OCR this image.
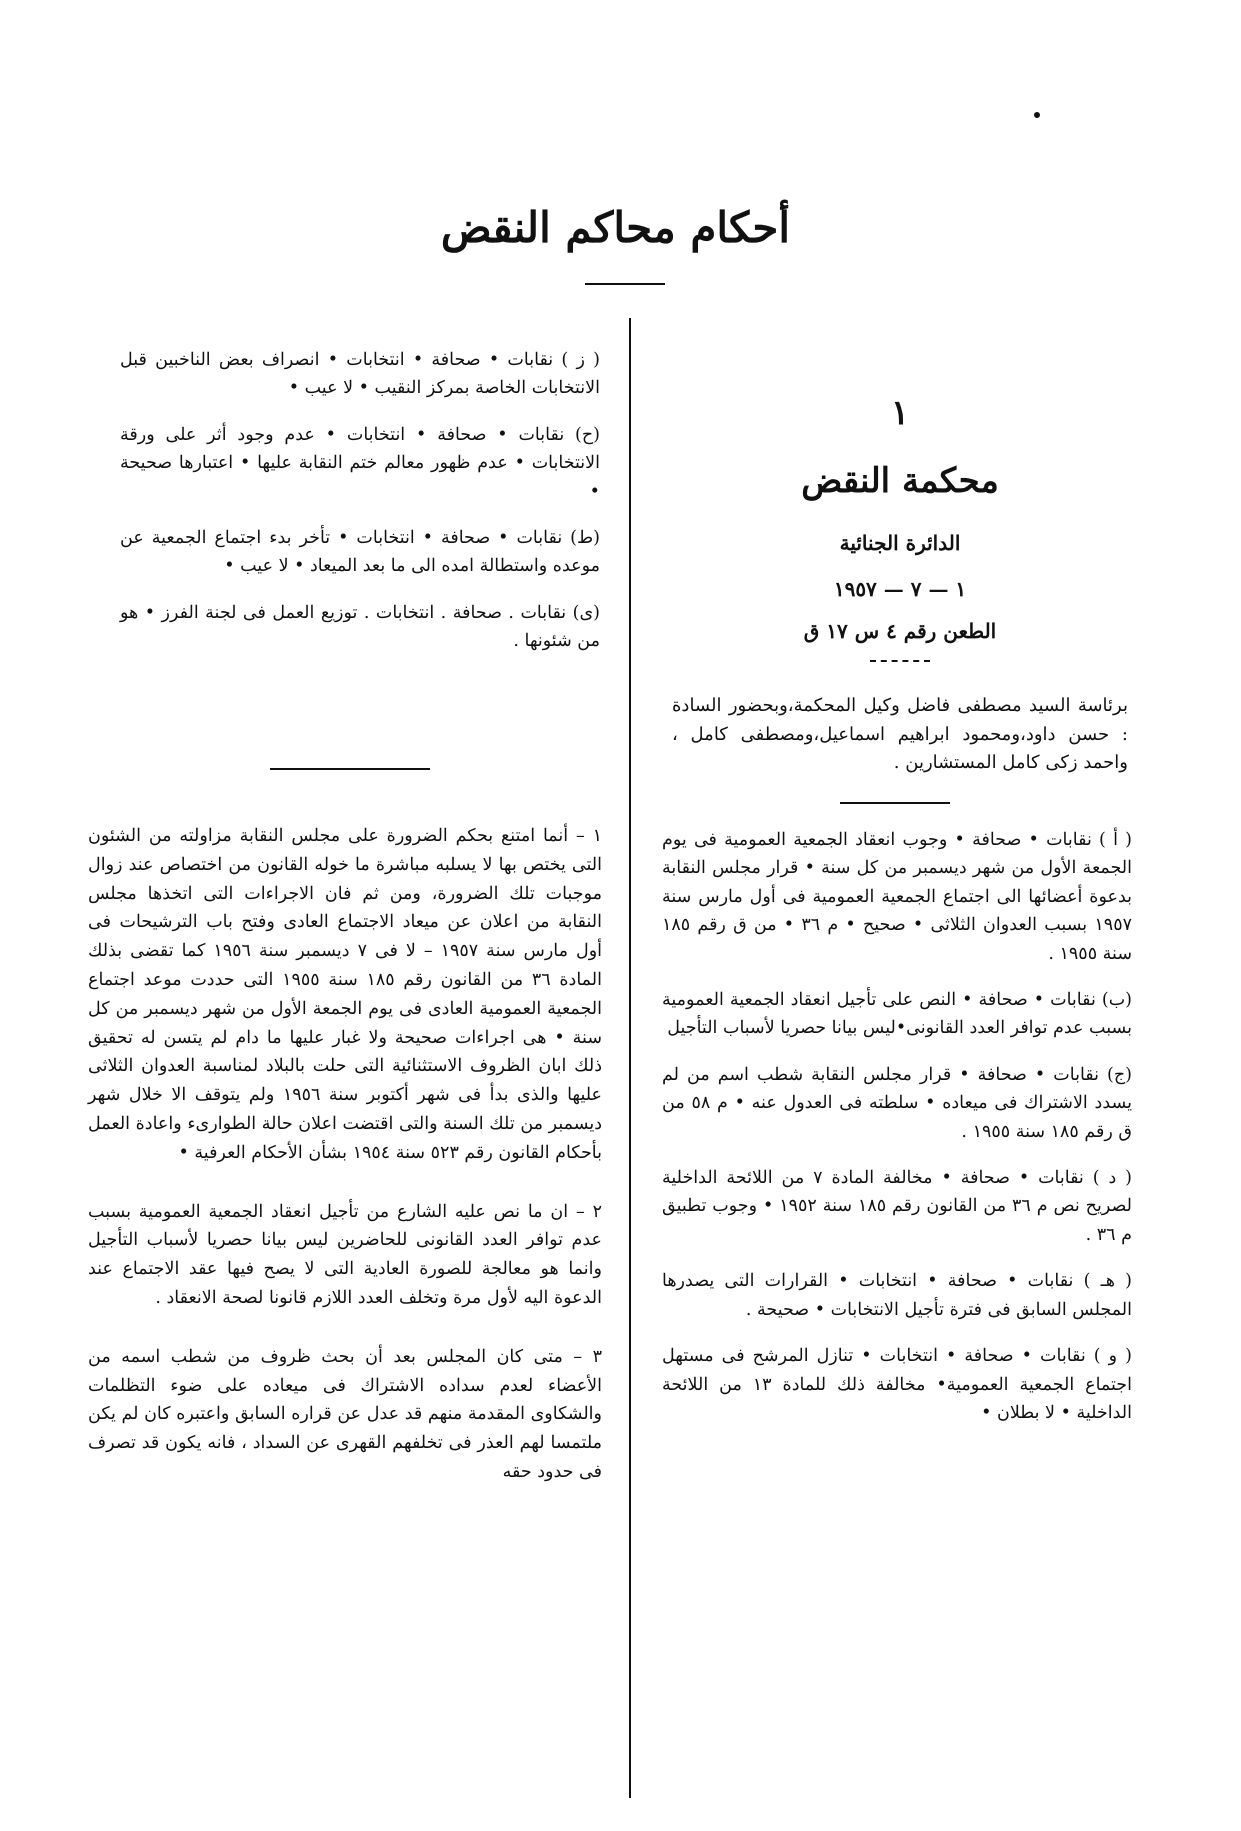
أحكام محاكم النقض
١
محكمة النقض
الدائرة الجنائية
١ — ٧ — ١٩٥٧
الطعن رقم ٤ س ١٧ ق

برئاسة السيد مصطفى فاضل وكيل المحكمة،وبحضور السادة : حسن داود،ومحمود ابراهيم اسماعيل،ومصطفى كامل ، واحمد زكى كامل المستشارين .

( أ ) نقابات • صحافة • وجوب انعقاد الجمعية العمومية فى يوم الجمعة الأول من شهر ديسمبر من كل سنة • قرار مجلس النقابة بدعوة أعضائها الى اجتماع الجمعية العمومية فى أول مارس سنة ١٩٥٧ بسبب العدوان الثلاثى • صحيح • م ٣٦ • من ق رقم ١٨٥ سنة ١٩٥٥ .

(ب) نقابات • صحافة • النص على تأجيل انعقاد الجمعية العمومية بسبب عدم توافر العدد القانونى•ليس بيانا حصريا لأسباب التأجيل

(ج) نقابات • صحافة • قرار مجلس النقابة شطب اسم من لم يسدد الاشتراك فى ميعاده • سلطته فى العدول عنه • م ٥٨ من ق رقم ١٨٥ سنة ١٩٥٥ .

( د ) نقابات • صحافة • مخالفة المادة ٧ من اللائحة الداخلية لصريح نص م ٣٦ من القانون رقم ١٨٥ سنة ١٩٥٢ • وجوب تطبيق م ٣٦ .

( هـ ) نقابات • صحافة • انتخابات • القرارات التى يصدرها المجلس السابق فى فترة تأجيل الانتخابات • صحيحة .

( و ) نقابات • صحافة • انتخابات • تنازل المرشح فى مستهل اجتماع الجمعية العمومية• مخالفة ذلك للمادة ١٣ من اللائحة الداخلية • لا بطلان •

( ز ) نقابات • صحافة • انتخابات • انصراف بعض الناخبين قبل الانتخابات الخاصة بمركز النقيب • لا عيب •

(ح) نقابات • صحافة • انتخابات • عدم وجود أثر على ورقة الانتخابات • عدم ظهور معالم ختم النقابة عليها • اعتبارها صحيحة •

(ط) نقابات • صحافة • انتخابات • تأخر بدء اجتماع الجمعية عن موعده واستطالة امده الى ما بعد الميعاد • لا عيب •

(ى) نقابات . صحافة . انتخابات . توزيع العمل فى لجنة الفرز • هو من شئونها .

١ – أنما امتنع بحكم الضرورة على مجلس النقابة مزاولته من الشئون التى يختص بها لا يسلبه مباشرة ما خوله القانون من اختصاص عند زوال موجبات تلك الضرورة، ومن ثم فان الاجراءات التى اتخذها مجلس النقابة من اعلان عن ميعاد الاجتماع العادى وفتح باب الترشيحات فى أول مارس سنة ١٩٥٧ – لا فى ٧ ديسمبر سنة ١٩٥٦ كما تقضى بذلك المادة ٣٦ من القانون رقم ١٨٥ سنة ١٩٥٥ التى حددت موعد اجتماع الجمعية العمومية العادى فى يوم الجمعة الأول من شهر ديسمبر من كل سنة • هى اجراءات صحيحة ولا غبار عليها ما دام لم يتسن له تحقيق ذلك ابان الظروف الاستثنائية التى حلت بالبلاد لمناسبة العدوان الثلاثى عليها والذى بدأ فى شهر أكتوبر سنة ١٩٥٦ ولم يتوقف الا خلال شهر ديسمبر من تلك السنة والتى اقتضت اعلان حالة الطوارىء واعادة العمل بأحكام القانون رقم ٥٢٣ سنة ١٩٥٤ بشأن الأحكام العرفية •

٢ – ان ما نص عليه الشارع من تأجيل انعقاد الجمعية العمومية بسبب عدم توافر العدد القانونى للحاضرين ليس بيانا حصريا لأسباب التأجيل وانما هو معالجة للصورة العادية التى لا يصح فيها عقد الاجتماع عند الدعوة اليه لأول مرة وتخلف العدد اللازم قانونا لصحة الانعقاد .

٣ – متى كان المجلس بعد أن بحث ظروف من شطب اسمه من الأعضاء لعدم سداده الاشتراك فى ميعاده على ضوء التظلمات والشكاوى المقدمة منهم قد عدل عن قراره السابق واعتبره كان لم يكن ملتمسا لهم العذر فى تخلفهم القهرى عن السداد ، فانه يكون قد تصرف فى حدود حقه
